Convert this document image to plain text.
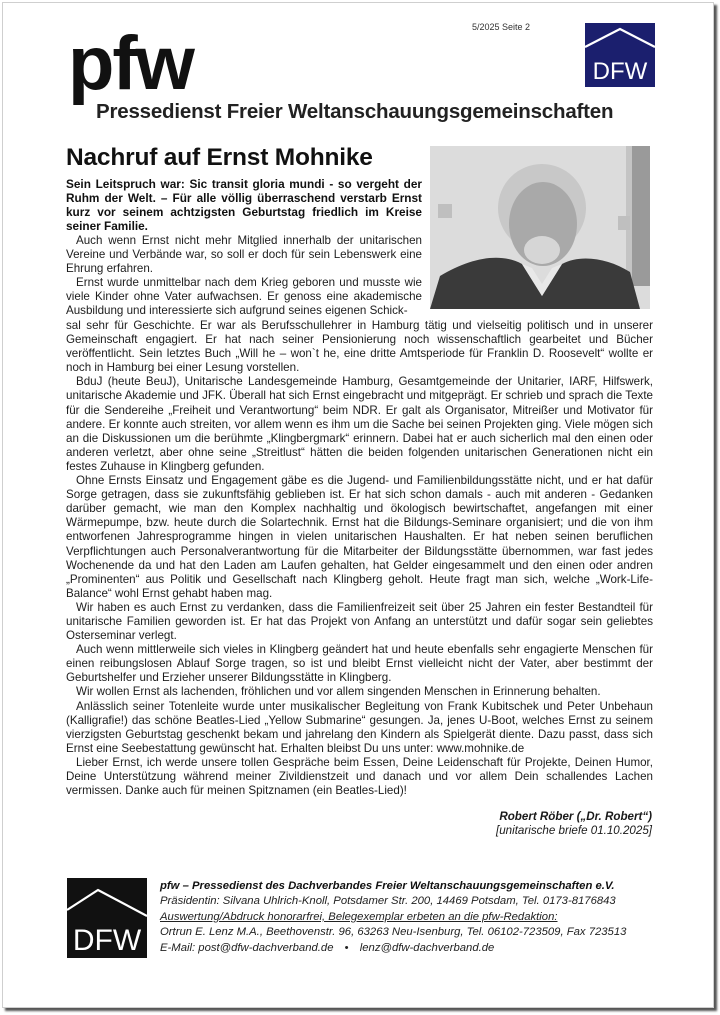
5/2025 Seite 2
pfw
Pressedienst Freier Weltanschauungsgemeinschaften
DFW
Nachruf auf Ernst Mohnike
Sein Leitspruch war: Sic transit gloria mundi - so vergeht der Ruhm der Welt. – Für alle völlig überraschend verstarb Ernst kurz vor seinem achtzigsten Geburtstag friedlich im Kreise seiner Familie.

Auch wenn Ernst nicht mehr Mitglied innerhalb der unitarischen Vereine und Verbände war, so soll er doch für sein Lebenswerk eine Ehrung erfahren.

Ernst wurde unmittelbar nach dem Krieg geboren und musste wie viele Kinder ohne Vater aufwachsen. Er genoss eine akademische Ausbildung und interessierte sich aufgrund seines eigenen Schick-

sal sehr für Geschichte. Er war als Berufsschullehrer in Hamburg tätig und vielseitig politisch und in unserer Gemeinschaft engagiert. Er hat nach seiner Pensionierung noch wissenschaftlich gearbeitet und Bücher veröffentlicht. Sein letztes Buch „Will he – won`t he, eine dritte Amtsperiode für Franklin D. Roosevelt“ wollte er noch in Hamburg bei einer Lesung vorstellen.

BduJ (heute BeuJ), Unitarische Landesgemeinde Hamburg, Gesamtgemeinde der Unitarier, IARF, Hilfswerk, unitarische Akademie und JFK. Überall hat sich Ernst eingebracht und mitgeprägt. Er schrieb und sprach die Texte für die Sendereihe „Freiheit und Verantwortung“ beim NDR. Er galt als Organisator, Mitreißer und Motivator für andere. Er konnte auch streiten, vor allem wenn es ihm um die Sache bei seinen Projekten ging. Viele mögen sich an die Diskussionen um die berühmte „Klingbergmark“ erinnern. Dabei hat er auch sicherlich mal den einen oder anderen verletzt, aber ohne seine „Streitlust“ hätten die beiden folgenden unitarischen Generationen nicht ein festes Zuhause in Klingberg gefunden.

Ohne Ernsts Einsatz und Engagement gäbe es die Jugend- und Familienbildungsstätte nicht, und er hat dafür Sorge getragen, dass sie zukunftsfähig geblieben ist. Er hat sich schon damals - auch mit anderen - Gedanken darüber gemacht, wie man den Komplex nachhaltig und ökologisch bewirtschaftet, angefangen mit einer Wärmepumpe, bzw. heute durch die Solartechnik. Ernst hat die Bildungs-Seminare organisiert; und die von ihm entworfenen Jahresprogramme hingen in vielen unitarischen Haushalten. Er hat neben seinen beruflichen Verpflichtungen auch Personalverantwortung für die Mitarbeiter der Bildungsstätte übernommen, war fast jedes Wochenende da und hat den Laden am Laufen gehalten, hat Gelder eingesammelt und den einen oder andren „Prominenten“ aus Politik und Gesellschaft nach Klingberg geholt. Heute fragt man sich, welche „Work-Life-Balance“ wohl Ernst gehabt haben mag.

Wir haben es auch Ernst zu verdanken, dass die Familienfreizeit seit über 25 Jahren ein fester Bestandteil für unitarische Familien geworden ist. Er hat das Projekt von Anfang an unterstützt und dafür sogar sein geliebtes Osterseminar verlegt.

Auch wenn mittlerweile sich vieles in Klingberg geändert hat und heute ebenfalls sehr engagierte Menschen für einen reibungslosen Ablauf Sorge tragen, so ist und bleibt Ernst vielleicht nicht der Vater, aber bestimmt der Geburtshelfer und Erzieher unserer Bildungsstätte in Klingberg.

Wir wollen Ernst als lachenden, fröhlichen und vor allem singenden Menschen in Erinnerung behalten.

Anlässlich seiner Totenleite wurde unter musikalischer Begleitung von Frank Kubitschek und Peter Unbehaun (Kalligrafie!) das schöne Beatles-Lied „Yellow Submarine“ gesungen. Ja, jenes U-Boot, welches Ernst zu seinem vierzigsten Geburtstag geschenkt bekam und jahrelang den Kindern als Spielgerät diente. Dazu passt, dass sich Ernst eine Seebestattung gewünscht hat. Erhalten bleibst Du uns unter: www.mohnike.de

Lieber Ernst, ich werde unsere tollen Gespräche beim Essen, Deine Leidenschaft für Projekte, Deinen Humor, Deine Unterstützung während meiner Zivildienstzeit und danach und vor allem Dein schallendes Lachen vermissen. Danke auch für meinen Spitznamen (ein Beatles-Lied)!

Robert Röber („Dr. Robert“)
[unitarische briefe 01.10.2025]
DFW
pfw – Pressedienst des Dachverbandes Freier Weltanschauungsgemeinschaften e.V.
Präsidentin: Silvana Uhlrich-Knoll, Potsdamer Str. 200, 14469 Potsdam, Tel. 0173-8176843
Auswertung/Abdruck honorarfrei, Belegexemplar erbeten an die pfw-Redaktion:
Ortrun E. Lenz M.A., Beethovenstr. 96, 63263 Neu-Isenburg, Tel. 06102-723509, Fax 723513
E-Mail: post@dfw-dachverband.de • lenz@dfw-dachverband.de
